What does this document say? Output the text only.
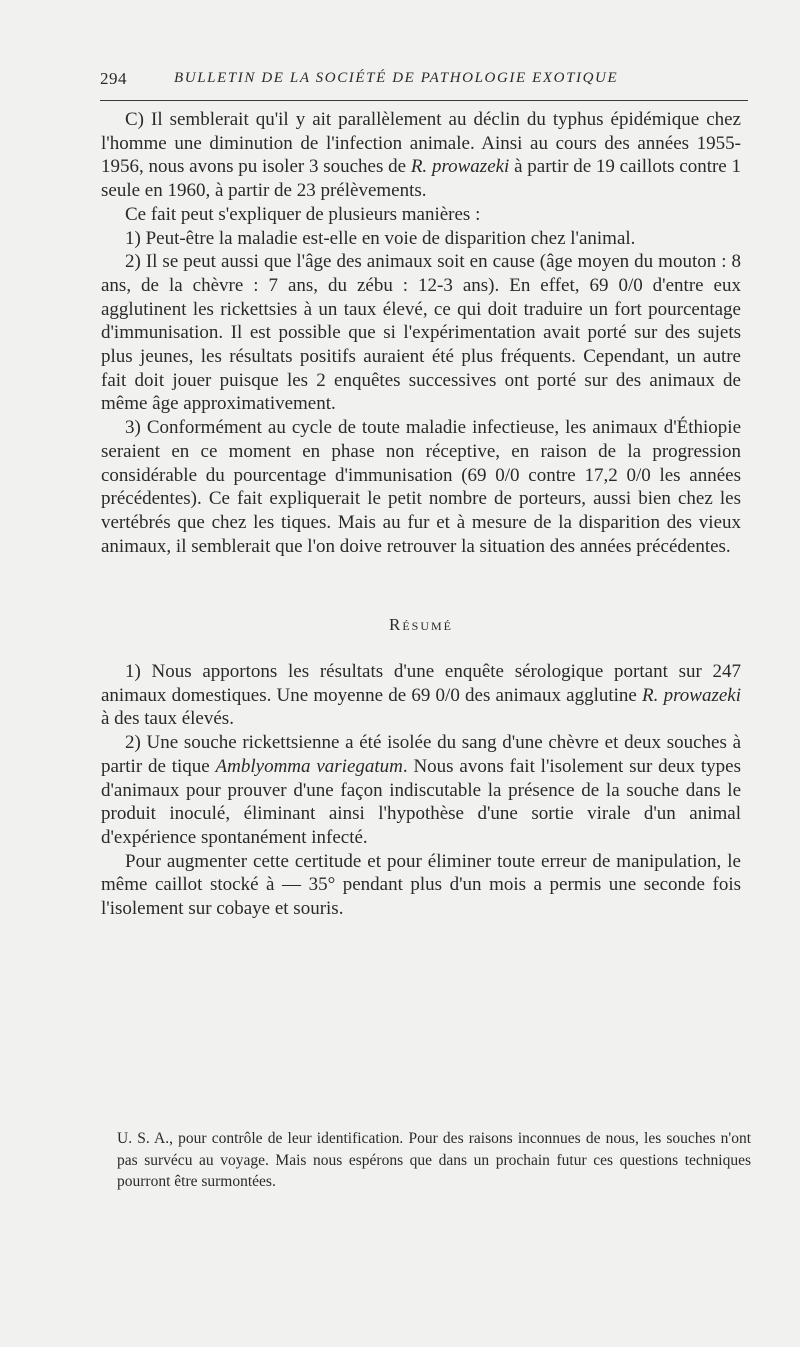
294	BULLETIN DE LA SOCIÉTÉ DE PATHOLOGIE EXOTIQUE

C) Il semblerait qu'il y ait parallèlement au déclin du typhus épidémique chez l'homme une diminution de l'infection animale. Ainsi au cours des années 1955-1956, nous avons pu isoler 3 souches de R. prowazeki à partir de 19 caillots contre 1 seule en 1960, à partir de 23 prélèvements.

Ce fait peut s'expliquer de plusieurs manières :

1) Peut-être la maladie est-elle en voie de disparition chez l'animal.

2) Il se peut aussi que l'âge des animaux soit en cause (âge moyen du mouton : 8 ans, de la chèvre : 7 ans, du zébu : 12-3 ans). En effet, 69 0/0 d'entre eux agglutinent les rickettsies à un taux élevé, ce qui doit traduire un fort pourcentage d'immunisation. Il est possible que si l'expérimentation avait porté sur des sujets plus jeunes, les résultats positifs auraient été plus fréquents. Cependant, un autre fait doit jouer puisque les 2 enquêtes successives ont porté sur des animaux de même âge approximativement.

3) Conformément au cycle de toute maladie infectieuse, les animaux d'Éthiopie seraient en ce moment en phase non réceptive, en raison de la progression considérable du pourcentage d'immunisation (69 0/0 contre 17,2 0/0 les années précédentes). Ce fait expliquerait le petit nombre de porteurs, aussi bien chez les vertébrés que chez les tiques. Mais au fur et à mesure de la disparition des vieux animaux, il semblerait que l'on doive retrouver la situation des années précédentes.

RÉSUMÉ

1) Nous apportons les résultats d'une enquête sérologique portant sur 247 animaux domestiques. Une moyenne de 69 0/0 des animaux agglutine R. prowazeki à des taux élevés.

2) Une souche rickettsienne a été isolée du sang d'une chèvre et deux souches à partir de tique Amblyomma variegatum. Nous avons fait l'isolement sur deux types d'animaux pour prouver d'une façon indiscutable la présence de la souche dans le produit inoculé, éliminant ainsi l'hypothèse d'une sortie virale d'un animal d'expérience spontanément infecté.

Pour augmenter cette certitude et pour éliminer toute erreur de manipulation, le même caillot stocké à — 35° pendant plus d'un mois a permis une seconde fois l'isolement sur cobaye et souris.

U. S. A., pour contrôle de leur identification. Pour des raisons inconnues de nous, les souches n'ont pas survécu au voyage. Mais nous espérons que dans un prochain futur ces questions techniques pourront être surmontées.
